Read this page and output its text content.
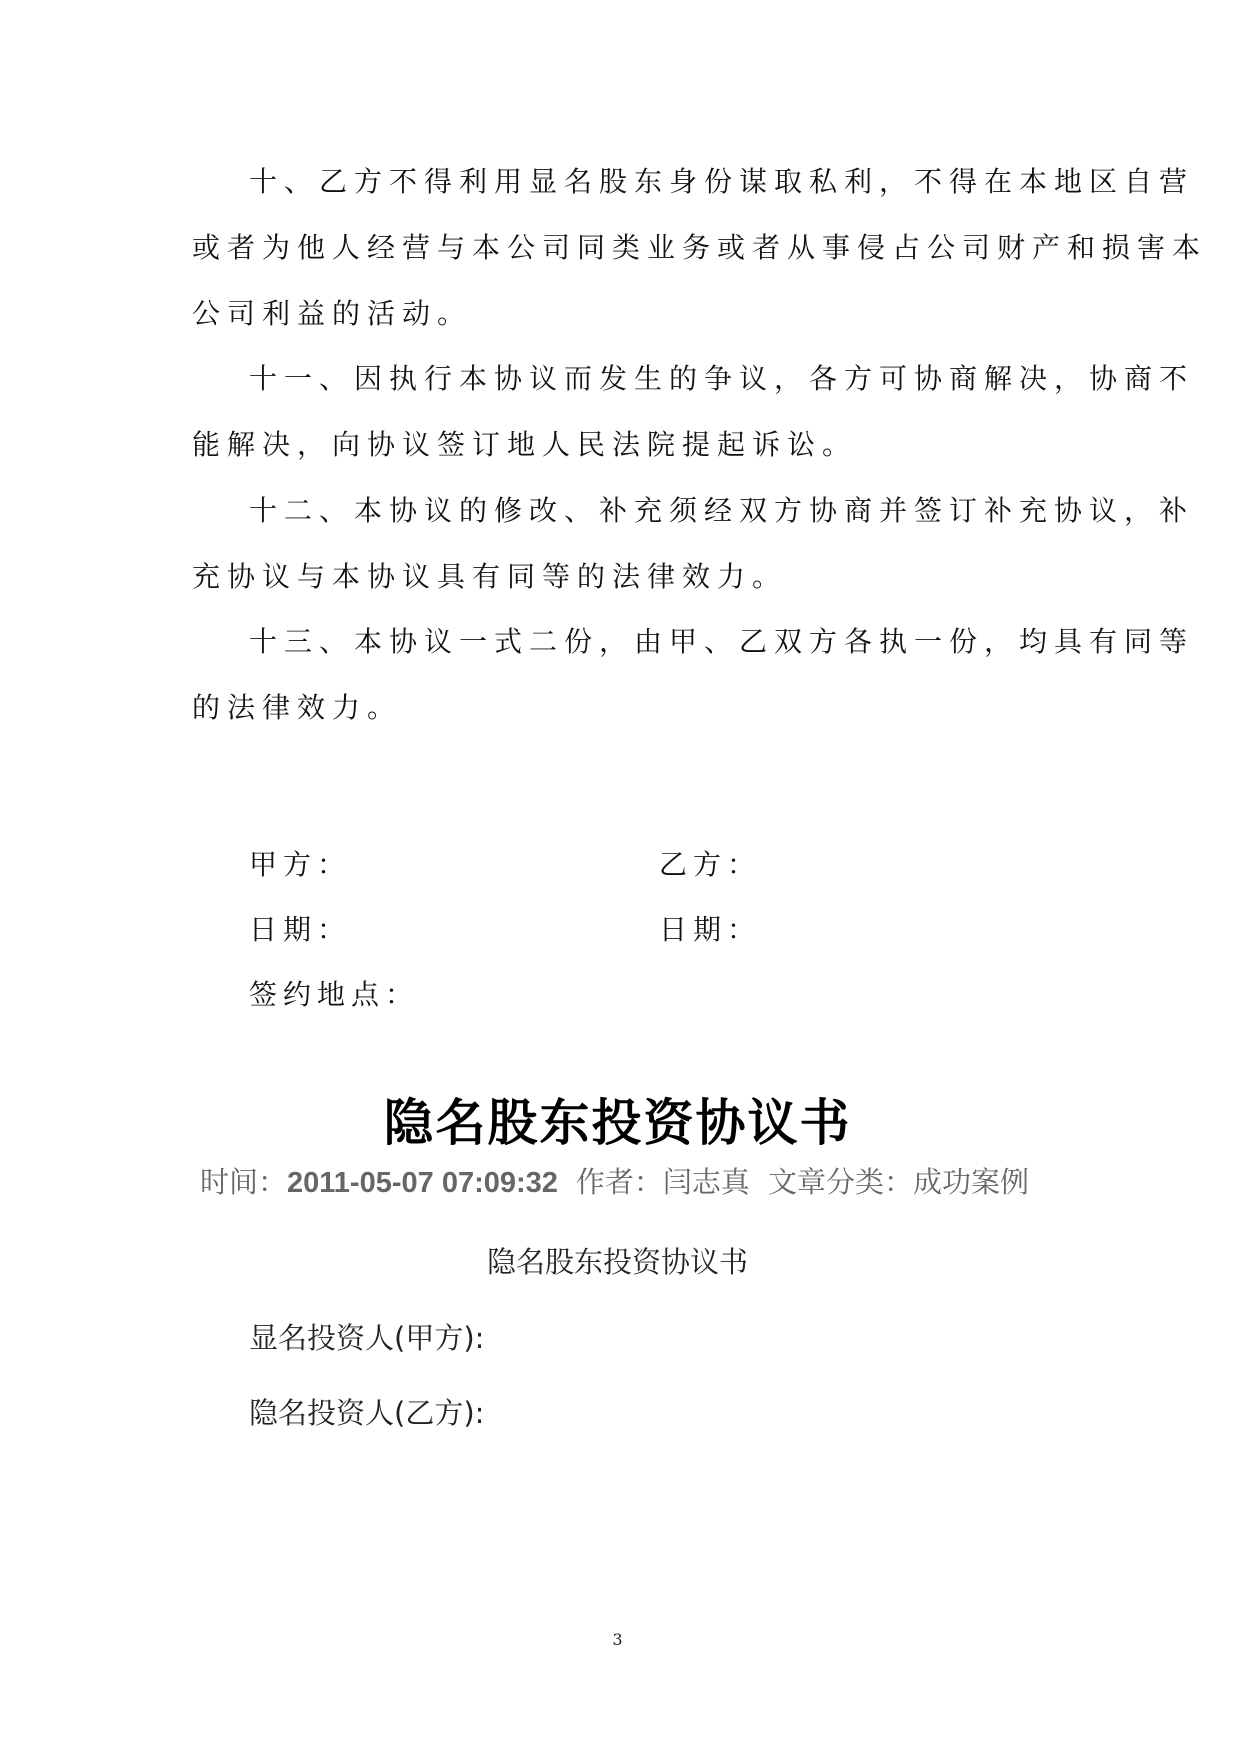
十、乙方不得利用显名股东身份谋取私利，不得在本地区自营
或者为他人经营与本公司同类业务或者从事侵占公司财产和损害本
公司利益的活动。
十一、因执行本协议而发生的争议，各方可协商解决，协商不
能解决，向协议签订地人民法院提起诉讼。
十二、本协议的修改、补充须经双方协商并签订补充协议，补
充协议与本协议具有同等的法律效力。
十三、本协议一式二份，由甲、乙双方各执一份，均具有同等
的法律效力。
甲方：	乙方：
日期：	日期：
签约地点：
隐名股东投资协议书
时间：2011-05-07 07:09:32 作者：闫志真 文章分类：成功案例
隐名股东投资协议书
显名投资人(甲方):
隐名投资人(乙方):
3
